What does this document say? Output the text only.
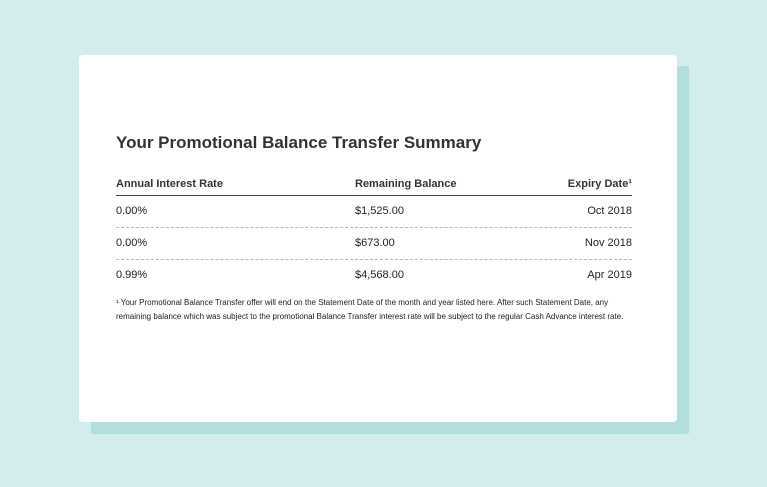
Your Promotional Balance Transfer Summary
Annual Interest Rate	Remaining Balance	Expiry Date¹
0.00%	$1,525.00	Oct 2018
0.00%	$673.00	Nov 2018
0.99%	$4,568.00	Apr 2019

¹ Your Promotional Balance Transfer offer will end on the Statement Date of the month and year listed here. After such Statement Date, any remaining balance which was subject to the promotional Balance Transfer interest rate will be subject to the regular Cash Advance interest rate.
